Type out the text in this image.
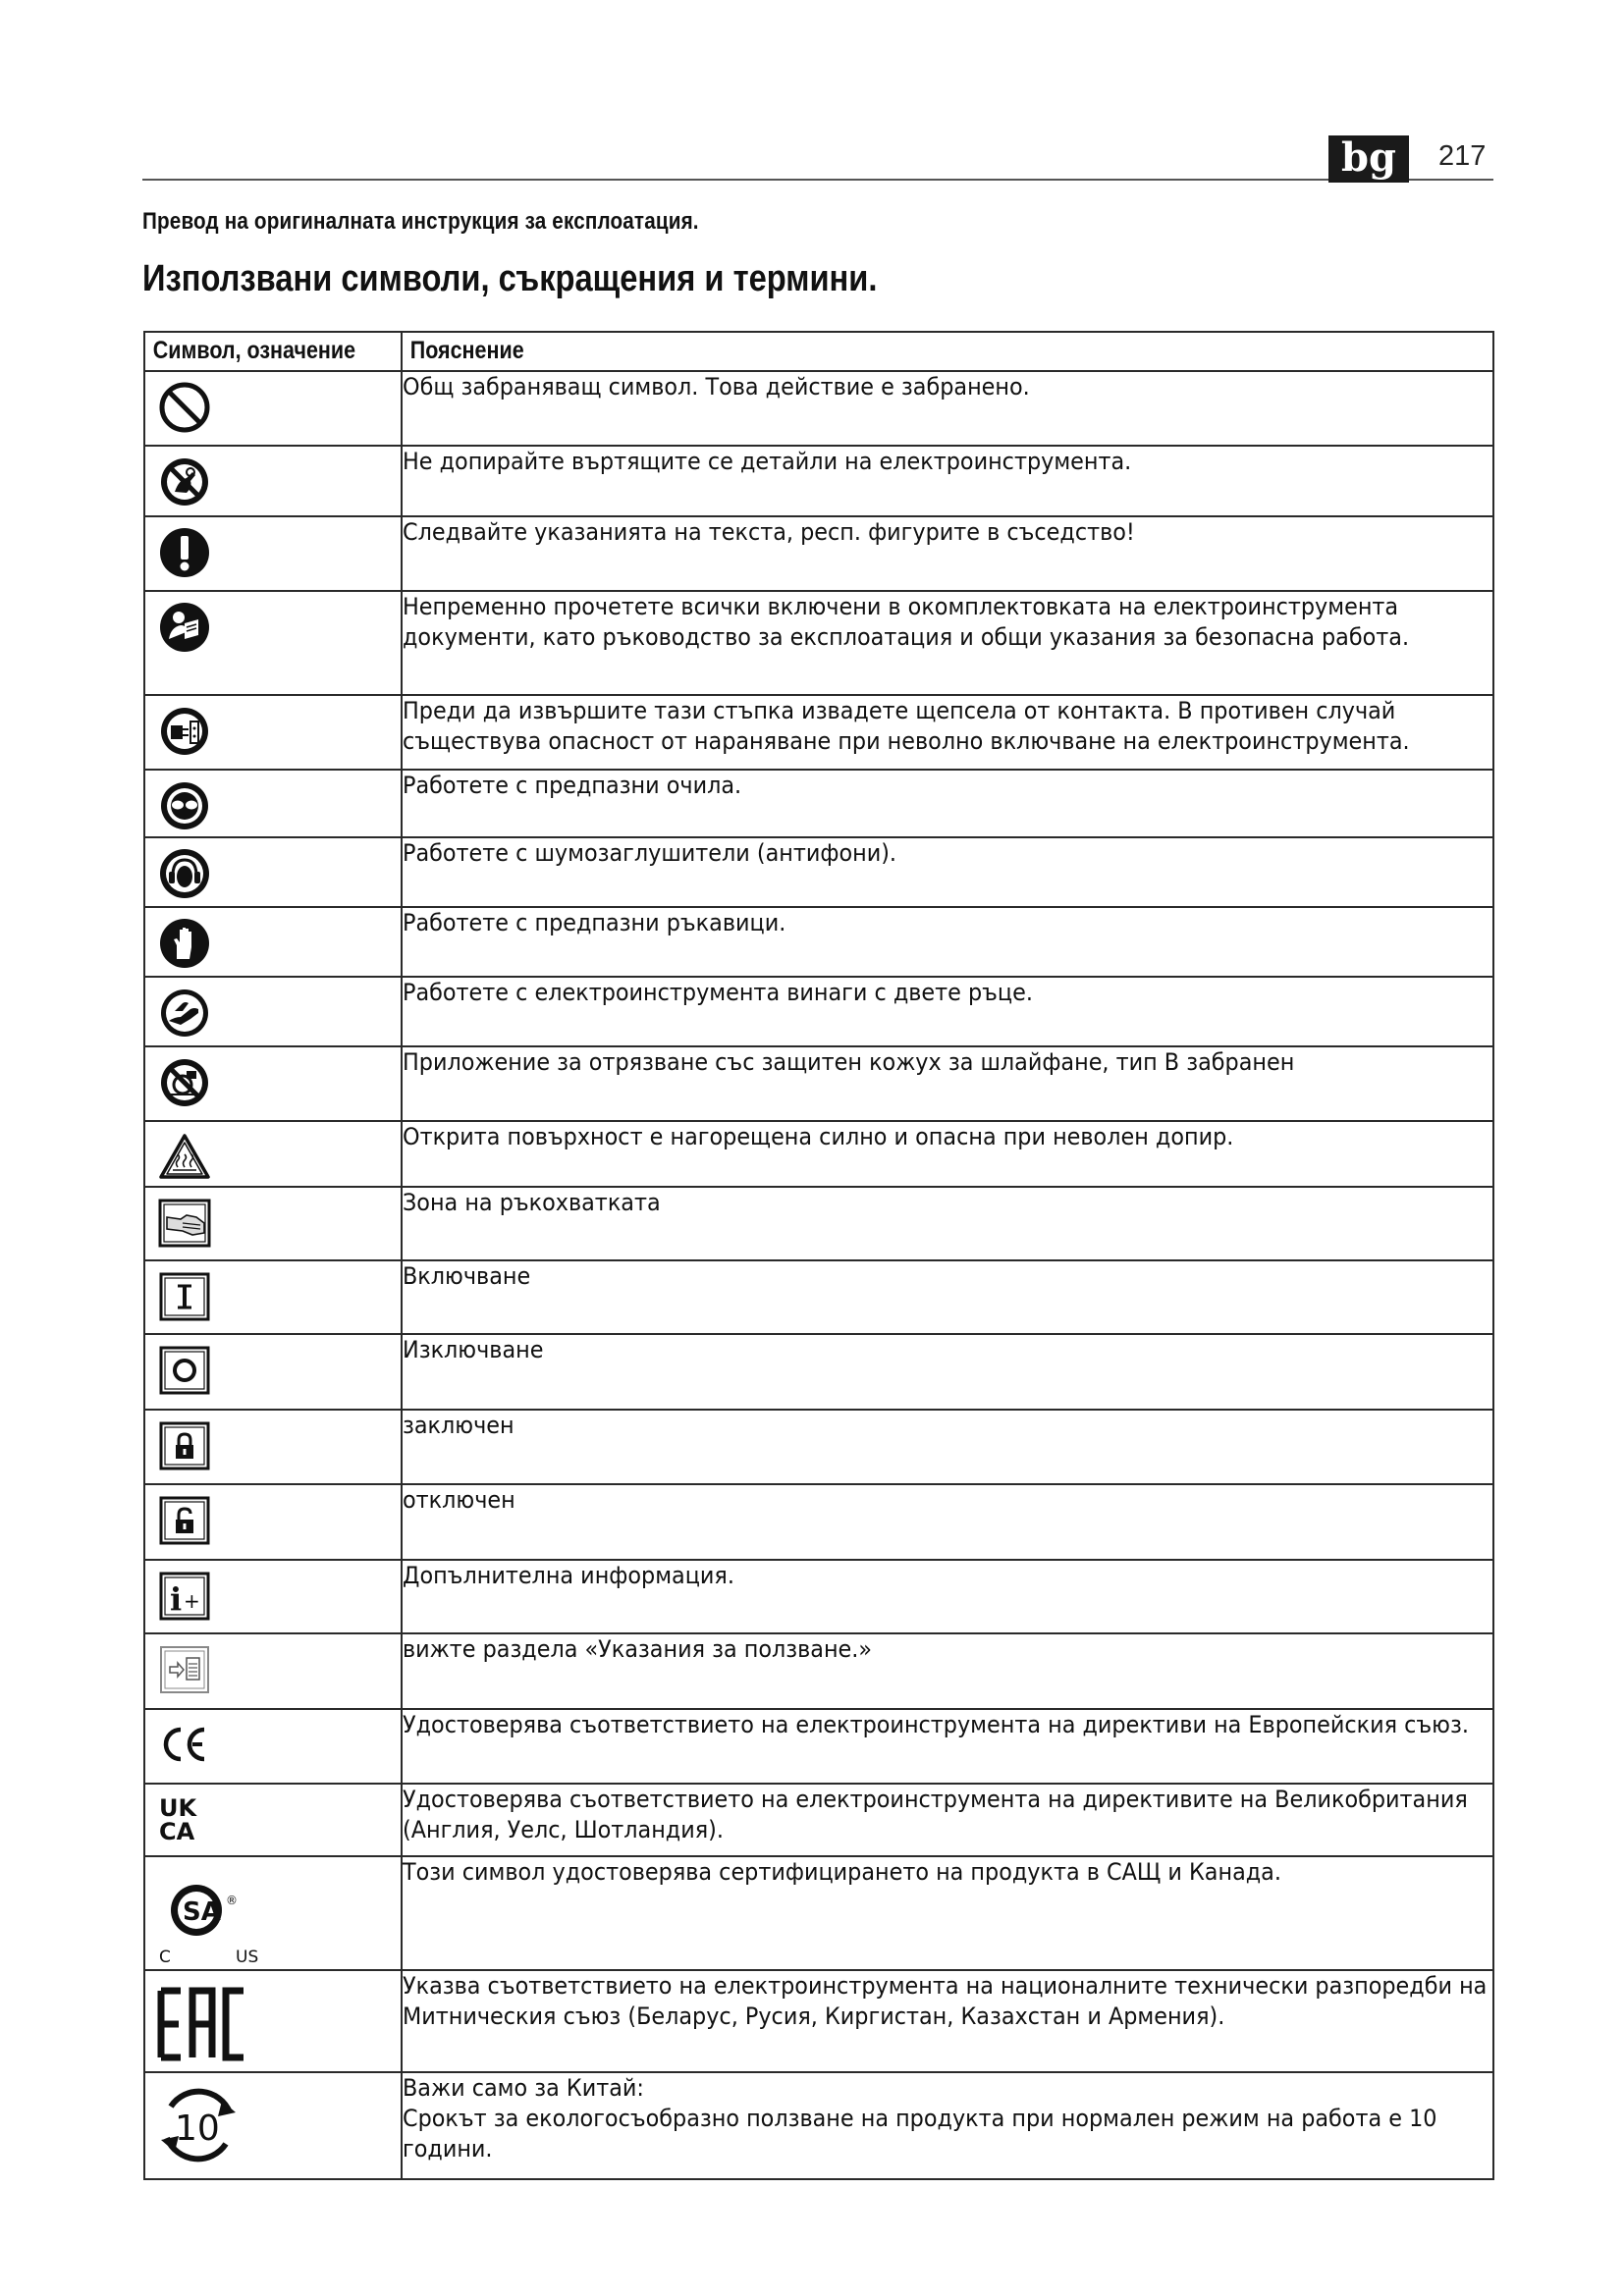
bg	217
Превод на оригиналната инструкция за експлоатация.
Използвани символи, съкращения и термини.
Символ, означение	Пояснение

Общ забраняващ символ. Това действие е забранено.

Не допирайте въртящите се детайли на електроинструмента.

Следвайте указанията на текста, респ. фигурите в съседство!

Непременно прочетете всички включени в окомплектовката на електроинструмента документи, като ръководство за експлоатация и общи указания за безопасна работа.

Преди да извършите тази стъпка извадете щепсела от контакта. В противен случай съществува опасност от нараняване при неволно включване на електроинструмента.

Работете с предпазни очила.

Работете с шумозаглушители (антифони).

Работете с предпазни ръкавици.

Работете с електроинструмента винаги с двете ръце.

Приложение за отрязване със защитен кожух за шлайфане, тип B забранен

Открита повърхност е нагорещена силно и опасна при неволен допир.

Зона на ръкохватката

Включване

Изключване

заключен

отключен

i +	Допълнителна информация.

вижте раздела «Указания за ползване.»

Удостоверява съответствието на електроинструмента на директиви на Европейския съюз.

UK
CA	Удостоверява съответствието на електроинструмента на директивите на Великобритания (Англия, Уелс, Шотландия).

SA ®
C US	Този символ удостоверява сертифицирането на продукта в САЩ и Канада.

Указва съответствието на електроинструмента на националните технически разпоредби на Митническия съюз (Беларус, Русия, Киргистан, Казахстан и Армения).

10	Важи само за Китай:
Срокът за екологосъобразно ползване на продукта при нормален режим на работа е 10 години.
